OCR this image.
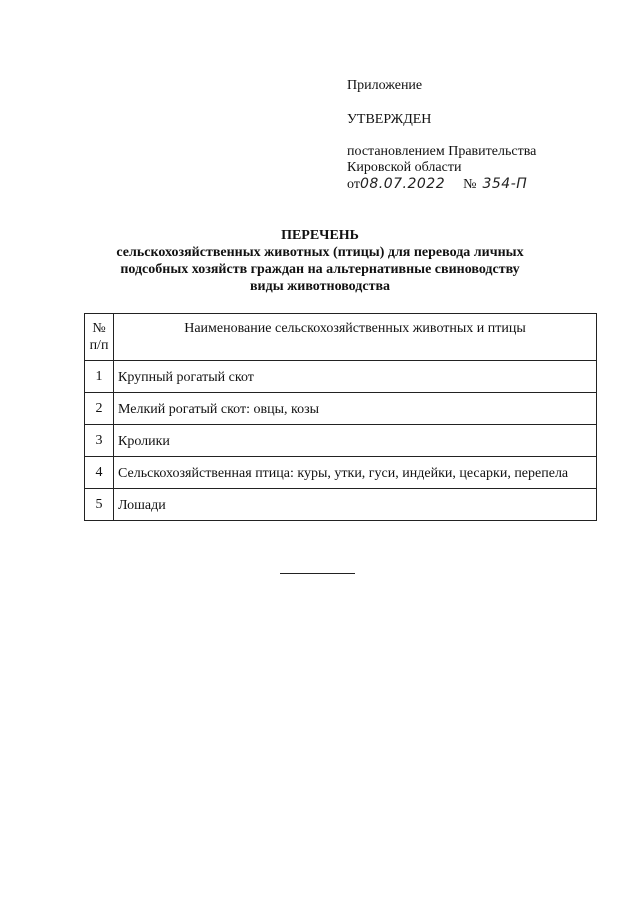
Приложение
УТВЕРЖДЕН
постановлением Правительства
Кировской области
от 08.07.2022 № 354-П
ПЕРЕЧЕНЬ
сельскохозяйственных животных (птицы) для перевода личных
подсобных хозяйств граждан на альтернативные свиноводству
виды животноводства
№
п/п	Наименование сельскохозяйственных животных и птицы
1	Крупный рогатый скот
2	Мелкий рогатый скот: овцы, козы
3	Кролики
4	Сельскохозяйственная птица: куры, утки, гуси, индейки, цесарки, перепела
5	Лошади
